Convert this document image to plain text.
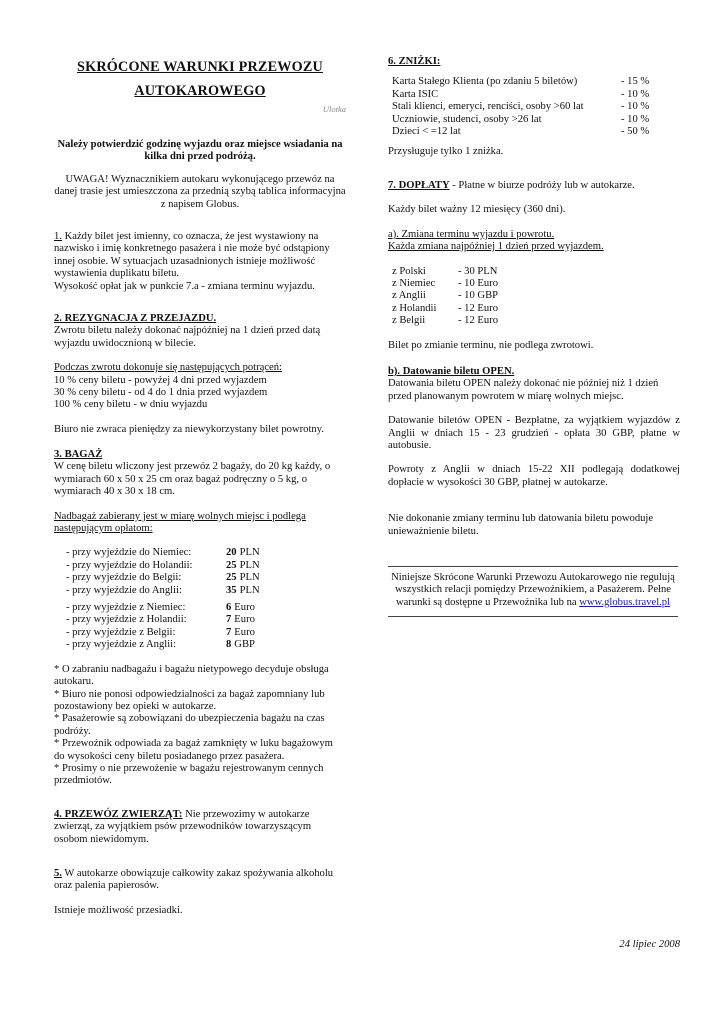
SKRÓCONE WARUNKI PRZEWOZU AUTOKAROWEGO
Ulotka

Należy potwierdzić godzinę wyjazdu oraz miejsce wsiadania na kilka dni przed podróżą.

UWAGA! Wyznacznikiem autokaru wykonującego przewóz na danej trasie jest umieszczona za przednią szybą tablica informacyjna z napisem Globus.

1. Każdy bilet jest imienny, co oznacza, że jest wystawiony na nazwisko i imię konkretnego pasażera i nie może być odstąpiony innej osobie. W sytuacjach uzasadnionych istnieje możliwość wystawienia duplikatu biletu.

Wysokość opłat jak w punkcie 7.a - zmiana terminu wyjazdu.

2. REZYGNACJA Z PRZEJAZDU.

Zwrotu biletu należy dokonać najpóźniej na 1 dzień przed datą wyjazdu uwidocznioną w bilecie.

Podczas zwrotu dokonuje się następujących potrąceń:

10 % ceny biletu - powyżej 4 dni przed wyjazdem

30 % ceny biletu - od 4 do 1 dnia przed wyjazdem

100 % ceny biletu - w dniu wyjazdu

Biuro nie zwraca pieniędzy za niewykorzystany bilet powrotny.

3. BAGAŻ

W cenę biletu wliczony jest przewóz 2 bagaży, do 20 kg każdy, o wymiarach 60 x 50 x 25 cm oraz bagaż podręczny o 5 kg, o wymiarach 40 x 30 x 18 cm.

Nadbagaż zabierany jest w miarę wolnych miejsc i podlega następującym opłatom:

- przy wyjeździe do Niemiec:	20 PLN
- przy wyjeździe do Holandii:	25 PLN
- przy wyjeździe do Belgii:	25 PLN
- przy wyjeździe do Anglii:	35 PLN
- przy wyjeździe z Niemiec:	6 Euro
- przy wyjeździe z Holandii:	7 Euro
- przy wyjeździe z Belgii:	7 Euro
- przy wyjeździe z Anglii:	8 GBP

* O zabraniu nadbagażu i bagażu nietypowego decyduje obsługa autokaru.

* Biuro nie ponosi odpowiedzialności za bagaż zapomniany lub pozostawiony bez opieki w autokarze.

* Pasażerowie są zobowiązani do ubezpieczenia bagażu na czas podróży.

* Przewoźnik odpowiada za bagaż zamknięty w luku bagażowym do wysokości ceny biletu posiadanego przez pasażera.

* Prosimy o nie przewożenie w bagażu rejestrowanym cennych przedmiotów.

4. PRZEWÓZ ZWIERZĄT: Nie przewozimy w autokarze zwierząt, za wyjątkiem psów przewodników towarzyszącym osobom niewidomym.

5. W autokarze obowiązuje całkowity zakaz spożywania alkoholu oraz palenia papierosów.

Istnieje możliwość przesiadki.

6. ZNIŻKI:

Karta Stałego Klienta (po zdaniu 5 biletów)	- 15 %
Karta ISIC	- 10 %
Stali klienci, emeryci, renciści, osoby >60 lat	- 10 %
Uczniowie, studenci, osoby >26 lat	- 10 %
Dzieci < =12 lat	- 50 %

Przysługuje tylko 1 zniżka.

7. DOPŁATY - Płatne w biurze podróży lub w autokarze.

Każdy bilet ważny 12 miesięcy (360 dni).

a). Zmiana terminu wyjazdu i powrotu.

Każda zmiana najpóźniej 1 dzień przed wyjazdem.

z Polski	- 30 PLN
z Niemiec	- 10 Euro
z Anglii	- 10 GBP
z Holandii	- 12 Euro
z Belgii	- 12 Euro

Bilet po zmianie terminu, nie podlega zwrotowi.

b). Datowanie biletu OPEN.

Datowania biletu OPEN należy dokonać nie później niż 1 dzień przed planowanym powrotem w miarę wolnych miejsc.

Datowanie biletów OPEN - Bezpłatne, za wyjątkiem wyjazdów z Anglii w dniach 15 - 23 grudzień - opłata 30 GBP, płatne w autobusie.

Powroty z Anglii w dniach 15-22 XII podlegają dodatkowej dopłacie w wysokości 30 GBP, płatnej w autokarze.

Nie dokonanie zmiany terminu lub datowania biletu powoduje unieważnienie biletu.

Niniejsze Skrócone Warunki Przewozu Autokarowego nie regulują wszystkich relacji pomiędzy Przewoźnikiem, a Pasażerem. Pełne warunki są dostępne u Przewoźnika lub na www.globus.travel.pl
24 lipiec 2008
